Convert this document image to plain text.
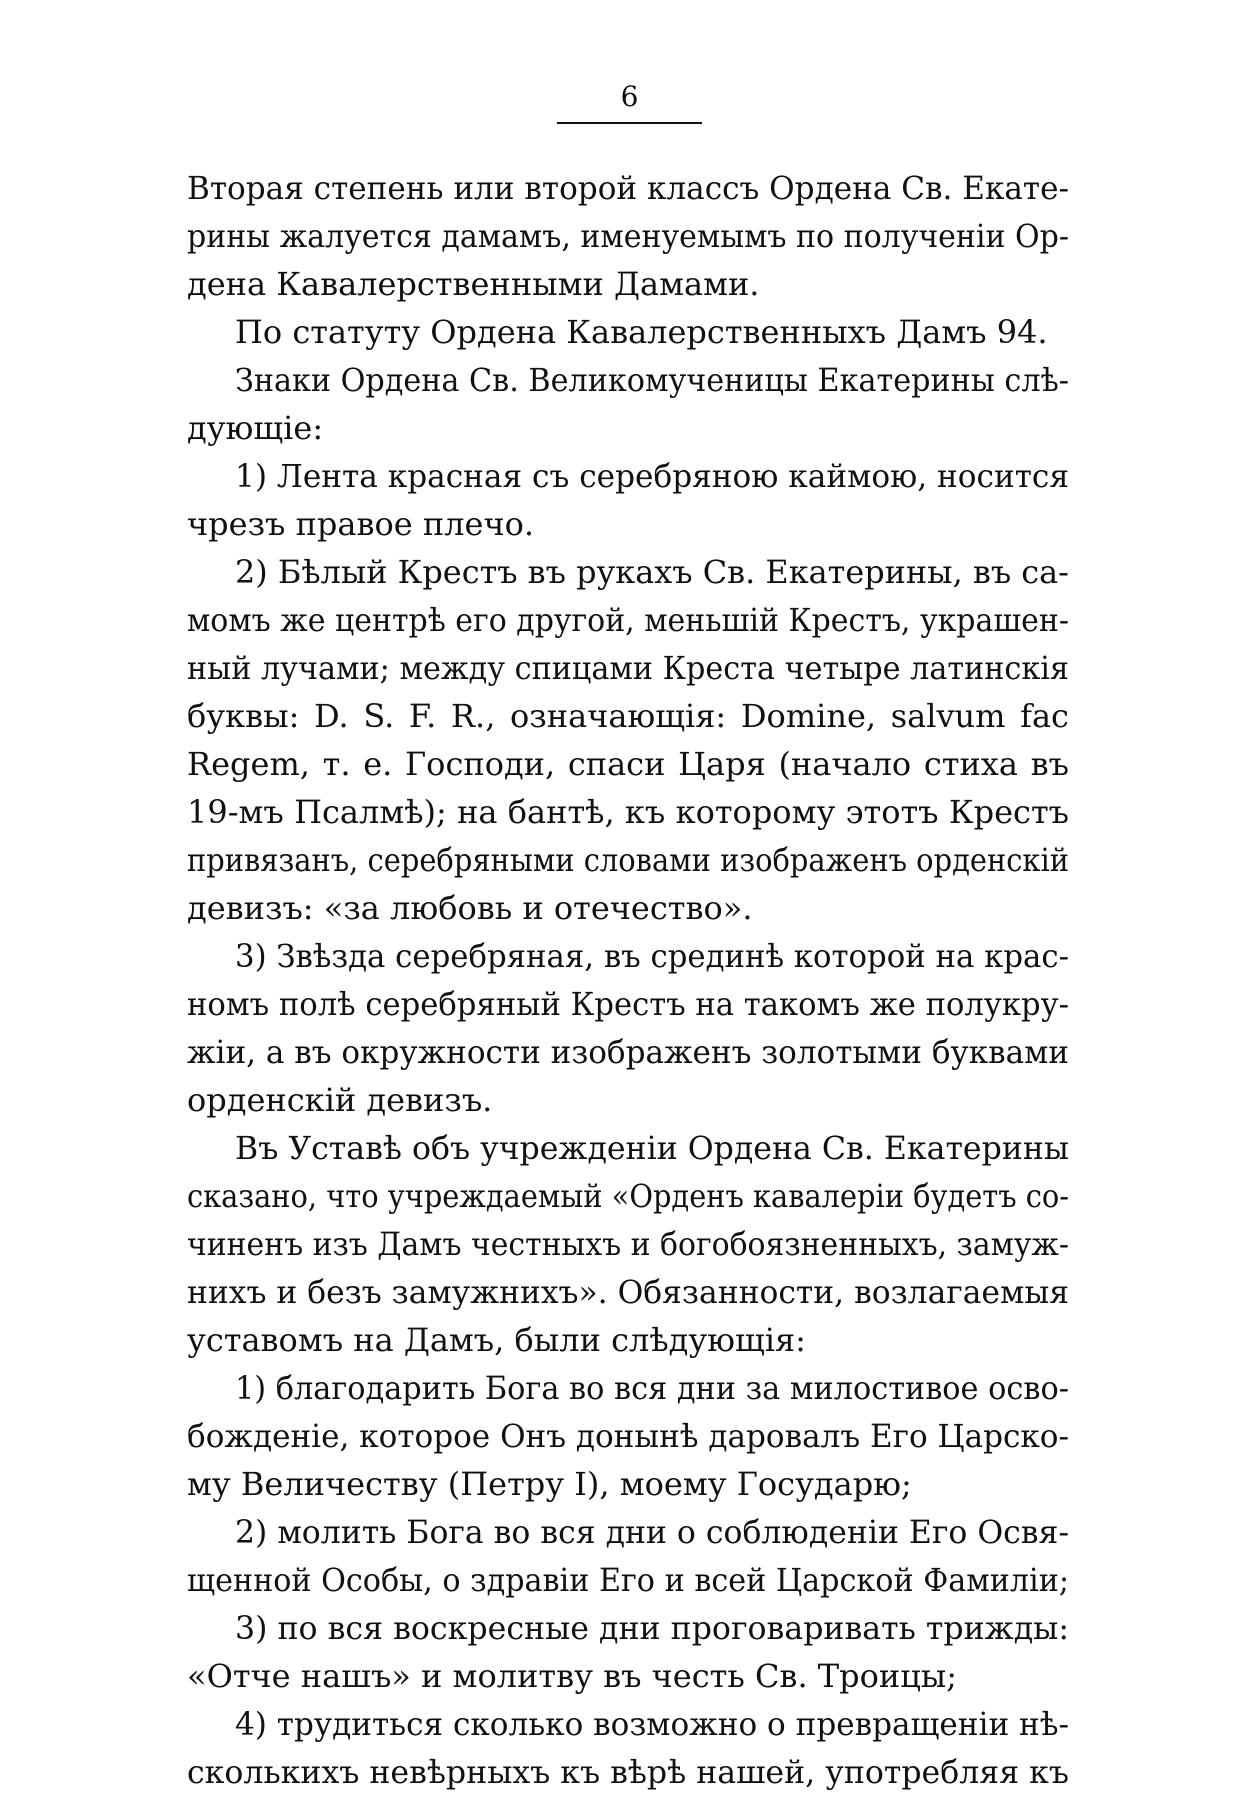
6
Вторая степень или второй классъ Ордена Св. Екате-
рины жалуется дамамъ, именуемымъ по полученіи Ор-
дена Кавалерственными Дамами.
По статуту Ордена Кавалерственныхъ Дамъ 94.
Знаки Ордена Св. Великомученицы Екатерины слѣ-
дующіе:
1) Лента красная съ серебряною каймою, носится
чрезъ правое плечо.
2) Бѣлый Крестъ въ рукахъ Св. Екатерины, въ са-
момъ же центрѣ его другой, меньшій Крестъ, украшен-
ный лучами; между спицами Креста четыре латинскія
буквы: D. S. F. R., означающія: Domine, salvum fac
Regem, т. е. Господи, спаси Царя (начало стиха въ
19-мъ Псалмѣ); на бантѣ, къ которому этотъ Крестъ
привязанъ, серебряными словами изображенъ орденскій
девизъ: «за любовь и отечество».
3) Звѣзда серебряная, въ срединѣ которой на крас-
номъ полѣ серебряный Крестъ на такомъ же полукру-
жіи, а въ окружности изображенъ золотыми буквами
орденскій девизъ.
Въ Уставѣ объ учрежденіи Ордена Св. Екатерины
сказано, что учреждаемый «Орденъ кавалеріи будетъ со-
чиненъ изъ Дамъ честныхъ и богобоязненныхъ, замуж-
нихъ и безъ замужнихъ». Обязанности, возлагаемыя
уставомъ на Дамъ, были слѣдующія:
1) благодарить Бога во вся дни за милостивое осво-
божденіе, которое Онъ донынѣ даровалъ Его Царско-
му Величеству (Петру I), моему Государю;
2) молить Бога во вся дни о соблюденіи Его Освя-
щенной Особы, о здравіи Его и всей Царской Фамиліи;
3) по вся воскресные дни проговаривать трижды:
«Отче нашъ» и молитву въ честь Св. Троицы;
4) трудиться сколько возможно о превращеніи нѣ-
сколькихъ невѣрныхъ къ вѣрѣ нашей, употребляя къ
